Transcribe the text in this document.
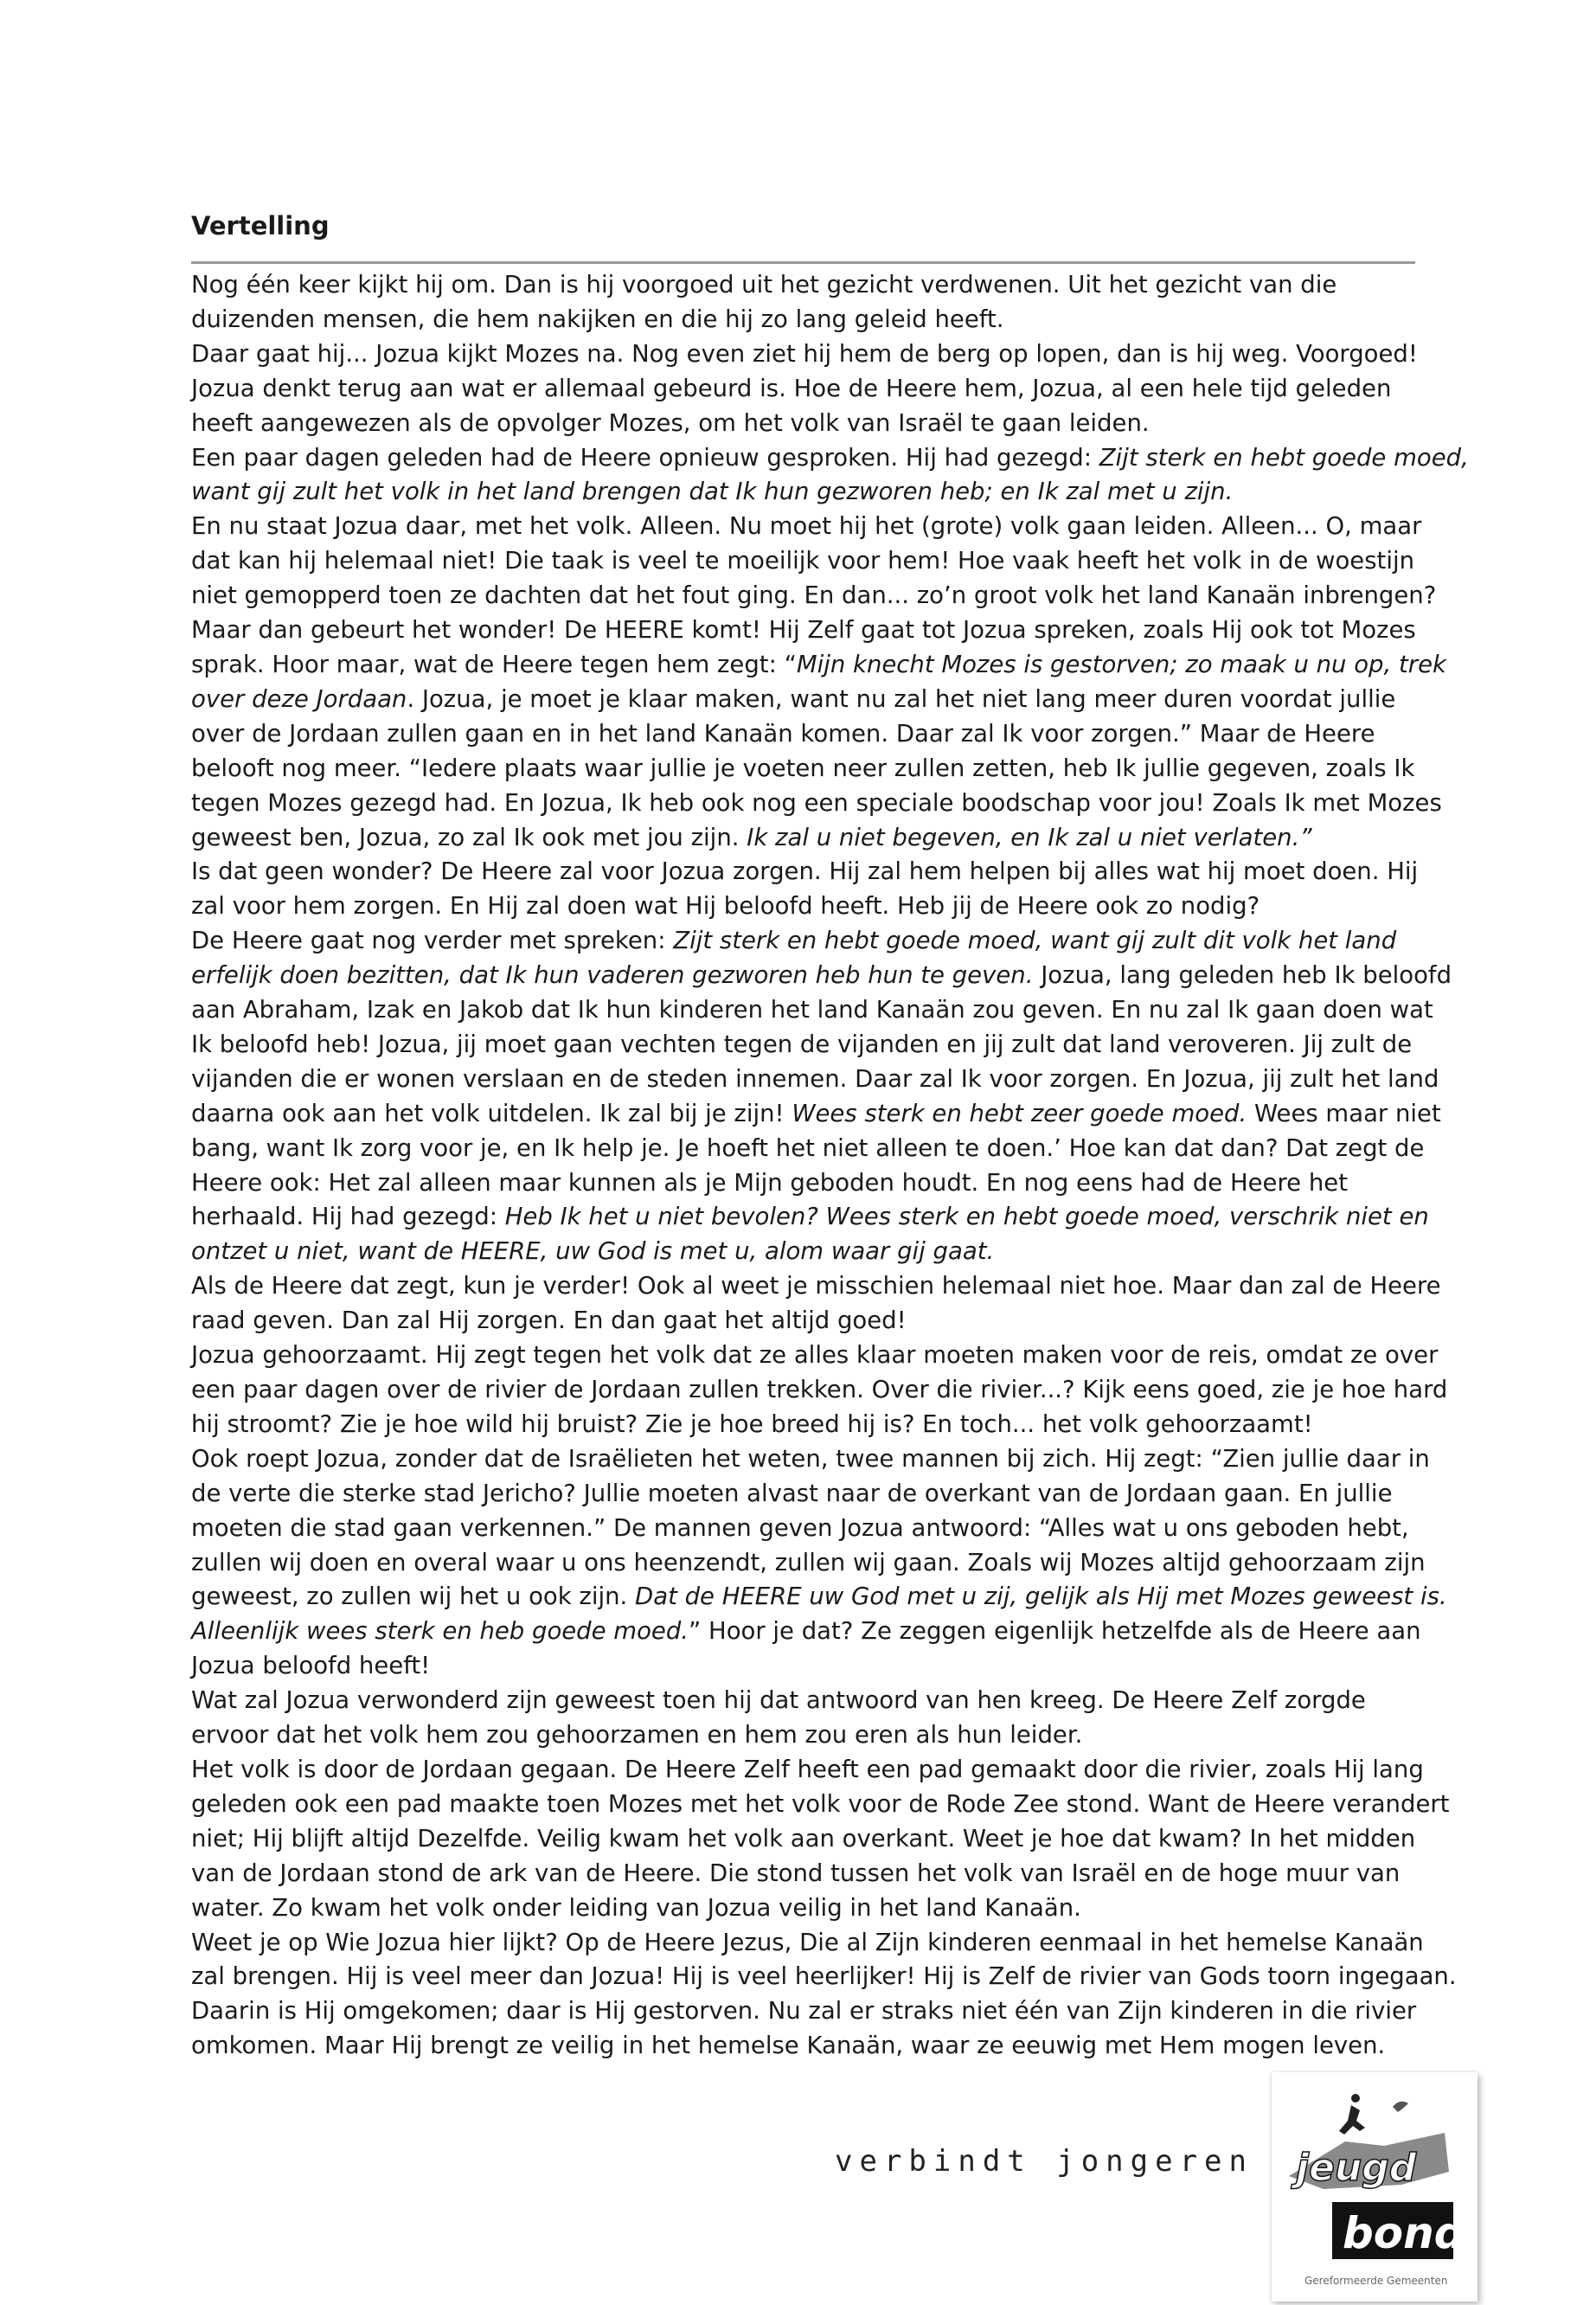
Vertelling
Nog één keer kijkt hij om. Dan is hij voorgoed uit het gezicht verdwenen. Uit het gezicht van die
duizenden mensen, die hem nakijken en die hij zo lang geleid heeft.
Daar gaat hij... Jozua kijkt Mozes na. Nog even ziet hij hem de berg op lopen, dan is hij weg. Voorgoed!
Jozua denkt terug aan wat er allemaal gebeurd is. Hoe de Heere hem, Jozua, al een hele tijd geleden
heeft aangewezen als de opvolger Mozes, om het volk van Israël te gaan leiden.
Een paar dagen geleden had de Heere opnieuw gesproken. Hij had gezegd: Zijt sterk en hebt goede moed,
want gij zult het volk in het land brengen dat Ik hun gezworen heb; en Ik zal met u zijn.
En nu staat Jozua daar, met het volk. Alleen. Nu moet hij het (grote) volk gaan leiden. Alleen... O, maar
dat kan hij helemaal niet! Die taak is veel te moeilijk voor hem! Hoe vaak heeft het volk in de woestijn
niet gemopperd toen ze dachten dat het fout ging. En dan... zo’n groot volk het land Kanaän inbrengen?
Maar dan gebeurt het wonder! De HEERE komt! Hij Zelf gaat tot Jozua spreken, zoals Hij ook tot Mozes
sprak. Hoor maar, wat de Heere tegen hem zegt: “Mijn knecht Mozes is gestorven; zo maak u nu op, trek
over deze Jordaan. Jozua, je moet je klaar maken, want nu zal het niet lang meer duren voordat jullie
over de Jordaan zullen gaan en in het land Kanaän komen. Daar zal Ik voor zorgen.” Maar de Heere
belooft nog meer. “Iedere plaats waar jullie je voeten neer zullen zetten, heb Ik jullie gegeven, zoals Ik
tegen Mozes gezegd had. En Jozua, Ik heb ook nog een speciale boodschap voor jou! Zoals Ik met Mozes
geweest ben, Jozua, zo zal Ik ook met jou zijn. Ik zal u niet begeven, en Ik zal u niet verlaten.”
Is dat geen wonder? De Heere zal voor Jozua zorgen. Hij zal hem helpen bij alles wat hij moet doen. Hij
zal voor hem zorgen. En Hij zal doen wat Hij beloofd heeft. Heb jij de Heere ook zo nodig?
De Heere gaat nog verder met spreken: Zijt sterk en hebt goede moed, want gij zult dit volk het land
erfelijk doen bezitten, dat Ik hun vaderen gezworen heb hun te geven. Jozua, lang geleden heb Ik beloofd
aan Abraham, Izak en Jakob dat Ik hun kinderen het land Kanaän zou geven. En nu zal Ik gaan doen wat
Ik beloofd heb! Jozua, jij moet gaan vechten tegen de vijanden en jij zult dat land veroveren. Jij zult de
vijanden die er wonen verslaan en de steden innemen. Daar zal Ik voor zorgen. En Jozua, jij zult het land
daarna ook aan het volk uitdelen. Ik zal bij je zijn! Wees sterk en hebt zeer goede moed. Wees maar niet
bang, want Ik zorg voor je, en Ik help je. Je hoeft het niet alleen te doen.’ Hoe kan dat dan? Dat zegt de
Heere ook: Het zal alleen maar kunnen als je Mijn geboden houdt. En nog eens had de Heere het
herhaald. Hij had gezegd: Heb Ik het u niet bevolen? Wees sterk en hebt goede moed, verschrik niet en
ontzet u niet, want de HEERE, uw God is met u, alom waar gij gaat.
Als de Heere dat zegt, kun je verder! Ook al weet je misschien helemaal niet hoe. Maar dan zal de Heere
raad geven. Dan zal Hij zorgen. En dan gaat het altijd goed!
Jozua gehoorzaamt. Hij zegt tegen het volk dat ze alles klaar moeten maken voor de reis, omdat ze over
een paar dagen over de rivier de Jordaan zullen trekken. Over die rivier...? Kijk eens goed, zie je hoe hard
hij stroomt? Zie je hoe wild hij bruist? Zie je hoe breed hij is? En toch... het volk gehoorzaamt!
Ook roept Jozua, zonder dat de Israëlieten het weten, twee mannen bij zich. Hij zegt: “Zien jullie daar in
de verte die sterke stad Jericho? Jullie moeten alvast naar de overkant van de Jordaan gaan. En jullie
moeten die stad gaan verkennen.” De mannen geven Jozua antwoord: “Alles wat u ons geboden hebt,
zullen wij doen en overal waar u ons heenzendt, zullen wij gaan. Zoals wij Mozes altijd gehoorzaam zijn
geweest, zo zullen wij het u ook zijn. Dat de HEERE uw God met u zij, gelijk als Hij met Mozes geweest is.
Alleenlijk wees sterk en heb goede moed.” Hoor je dat? Ze zeggen eigenlijk hetzelfde als de Heere aan
Jozua beloofd heeft!
Wat zal Jozua verwonderd zijn geweest toen hij dat antwoord van hen kreeg. De Heere Zelf zorgde
ervoor dat het volk hem zou gehoorzamen en hem zou eren als hun leider.
Het volk is door de Jordaan gegaan. De Heere Zelf heeft een pad gemaakt door die rivier, zoals Hij lang
geleden ook een pad maakte toen Mozes met het volk voor de Rode Zee stond. Want de Heere verandert
niet; Hij blijft altijd Dezelfde. Veilig kwam het volk aan overkant. Weet je hoe dat kwam? In het midden
van de Jordaan stond de ark van de Heere. Die stond tussen het volk van Israël en de hoge muur van
water. Zo kwam het volk onder leiding van Jozua veilig in het land Kanaän.
Weet je op Wie Jozua hier lijkt? Op de Heere Jezus, Die al Zijn kinderen eenmaal in het hemelse Kanaän
zal brengen. Hij is veel meer dan Jozua! Hij is veel heerlijker! Hij is Zelf de rivier van Gods toorn ingegaan.
Daarin is Hij omgekomen; daar is Hij gestorven. Nu zal er straks niet één van Zijn kinderen in die rivier
omkomen. Maar Hij brengt ze veilig in het hemelse Kanaän, waar ze eeuwig met Hem mogen leven.
verbindt jongeren jeugd
bond
Gereformeerde Gemeenten
